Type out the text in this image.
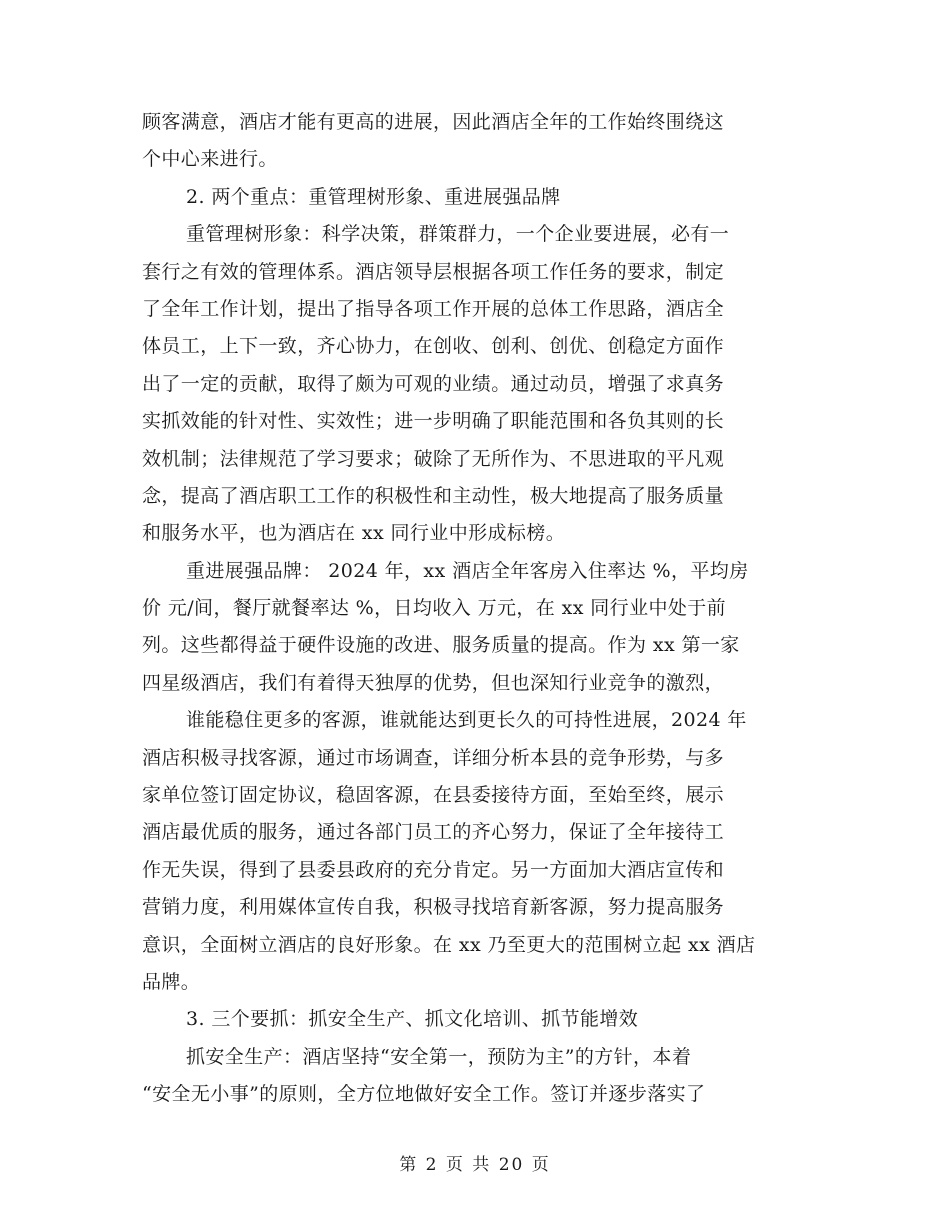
顾客满意，酒店才能有更高的进展，因此酒店全年的工作始终围绕这
个中心来进行。
2. 两个重点：重管理树形象、重进展强品牌
重管理树形象：科学决策，群策群力，一个企业要进展，必有一
套行之有效的管理体系。酒店领导层根据各项工作任务的要求，制定
了全年工作计划，提出了指导各项工作开展的总体工作思路，酒店全
体员工，上下一致，齐心协力，在创收、创利、创优、创稳定方面作
出了一定的贡献，取得了颇为可观的业绩。通过动员，增强了求真务
实抓效能的针对性、实效性；进一步明确了职能范围和各负其则的长
效机制；法律规范了学习要求；破除了无所作为、不思进取的平凡观
念，提高了酒店职工工作的积极性和主动性，极大地提高了服务质量
和服务水平，也为酒店在 xx 同行业中形成标榜。
重进展强品牌： 2024 年，xx 酒店全年客房入住率达 %，平均房
价 元/间，餐厅就餐率达 %，日均收入 万元，在 xx 同行业中处于前
列。这些都得益于硬件设施的改进、服务质量的提高。作为 xx 第一家
四星级酒店，我们有着得天独厚的优势，但也深知行业竞争的激烈，
谁能稳住更多的客源，谁就能达到更长久的可持性进展，2024 年
酒店积极寻找客源，通过市场调查，详细分析本县的竞争形势，与多
家单位签订固定协议，稳固客源，在县委接待方面，至始至终，展示
酒店最优质的服务，通过各部门员工的齐心努力，保证了全年接待工
作无失误，得到了县委县政府的充分肯定。另一方面加大酒店宣传和
营销力度，利用媒体宣传自我，积极寻找培育新客源，努力提高服务
意识，全面树立酒店的良好形象。在 xx 乃至更大的范围树立起 xx 酒店
品牌。
3. 三个要抓：抓安全生产、抓文化培训、抓节能增效
抓安全生产：酒店坚持“安全第一，预防为主”的方针，本着
“安全无小事”的原则，全方位地做好安全工作。签订并逐步落实了
第 2 页 共 20 页
